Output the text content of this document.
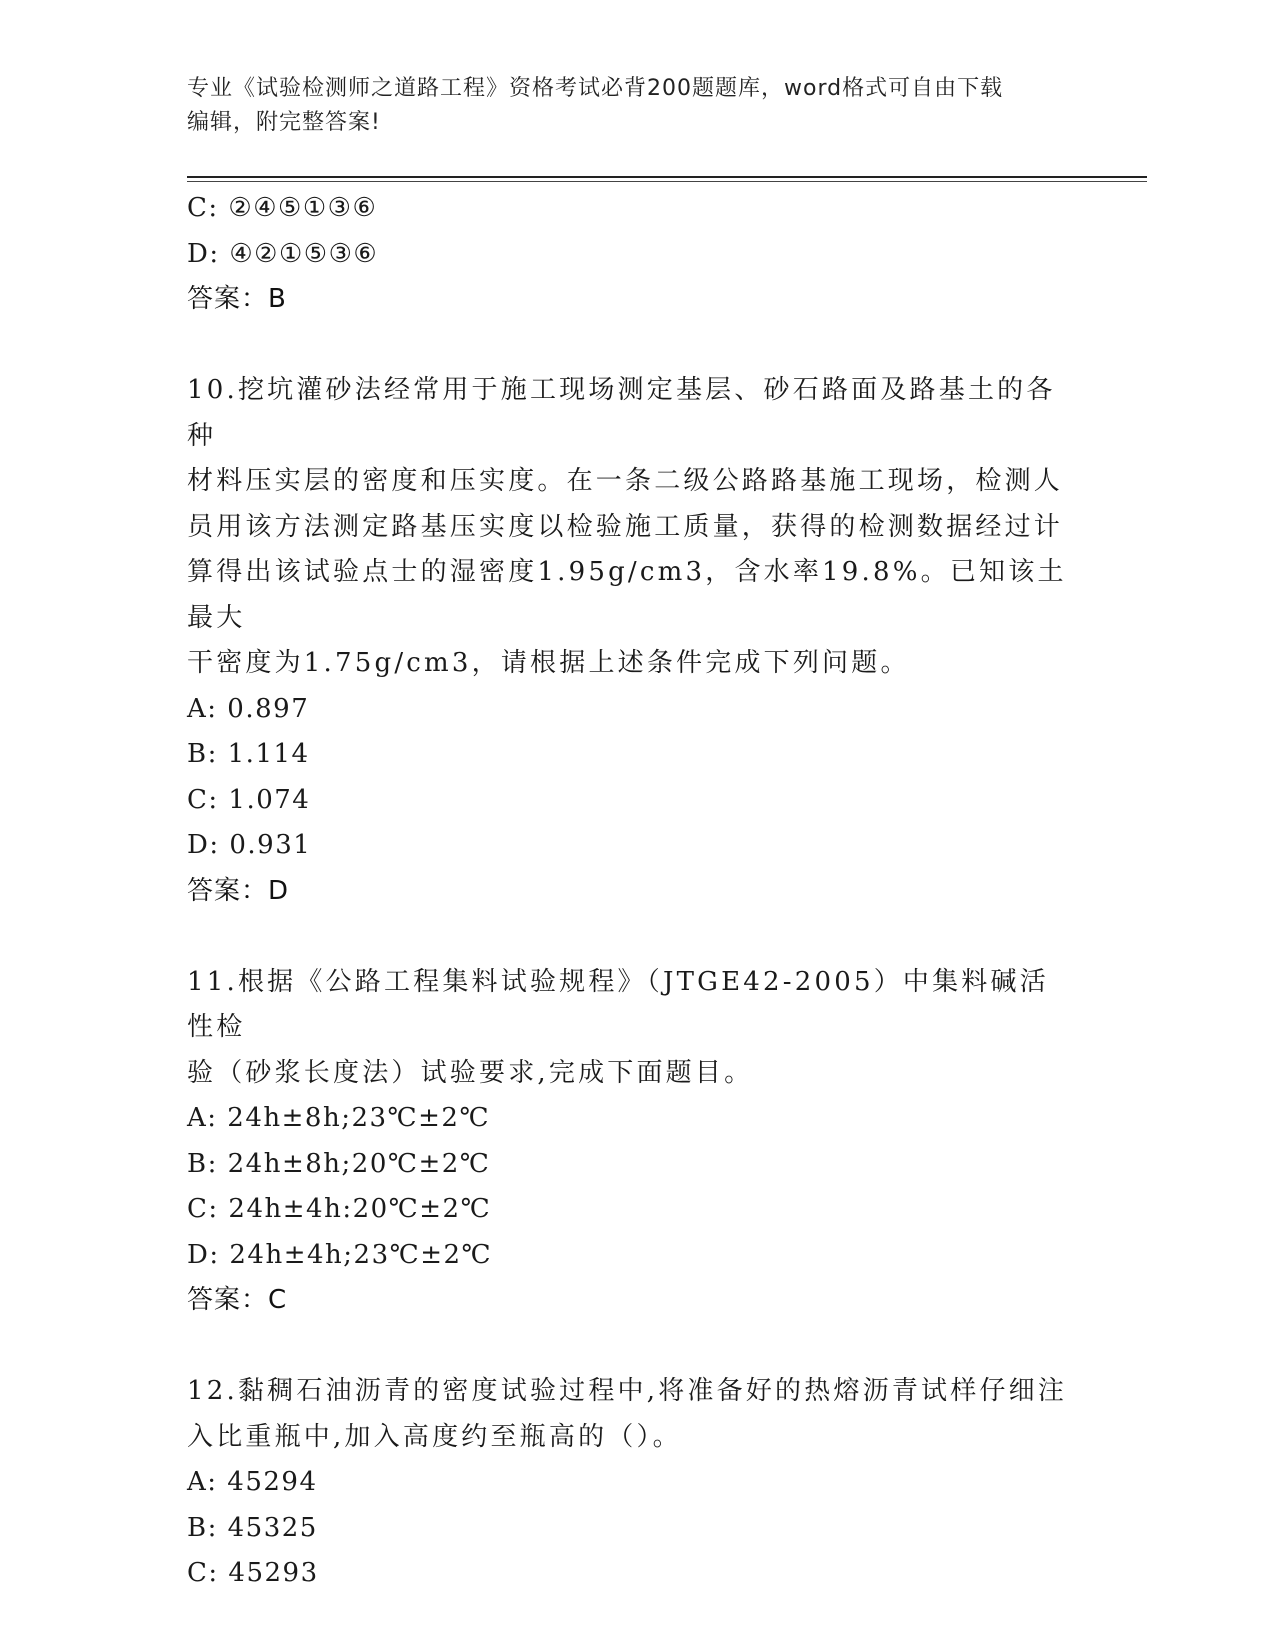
专业《试验检测师之道路工程》资格考试必背200题题库，word格式可自由下载
编辑，附完整答案!
C: ②④⑤①③⑥
D: ④②①⑤③⑥
答案：B
10.挖坑灌砂法经常用于施工现场测定基层、砂石路面及路基土的各种
材料压实层的密度和压实度。在一条二级公路路基施工现场，检测人
员用该方法测定路基压实度以检验施工质量，获得的检测数据经过计
算得出该试验点士的湿密度1.95g/cm3，含水率19.8%。已知该土最大
干密度为1.75g/cm3，请根据上述条件完成下列问题。
A: 0.897
B: 1.114
C: 1.074
D: 0.931
答案：D
11.根据《公路工程集料试验规程》（JTGE42-2005）中集料碱活性检
验（砂浆长度法）试验要求,完成下面题目。
A: 24h±8h;23℃±2℃
B: 24h±8h;20℃±2℃
C: 24h±4h:20℃±2℃
D: 24h±4h;23℃±2℃
答案：C
12.黏稠石油沥青的密度试验过程中,将准备好的热熔沥青试样仔细注
入比重瓶中,加入高度约至瓶高的（）。
A: 45294
B: 45325
C: 45293
